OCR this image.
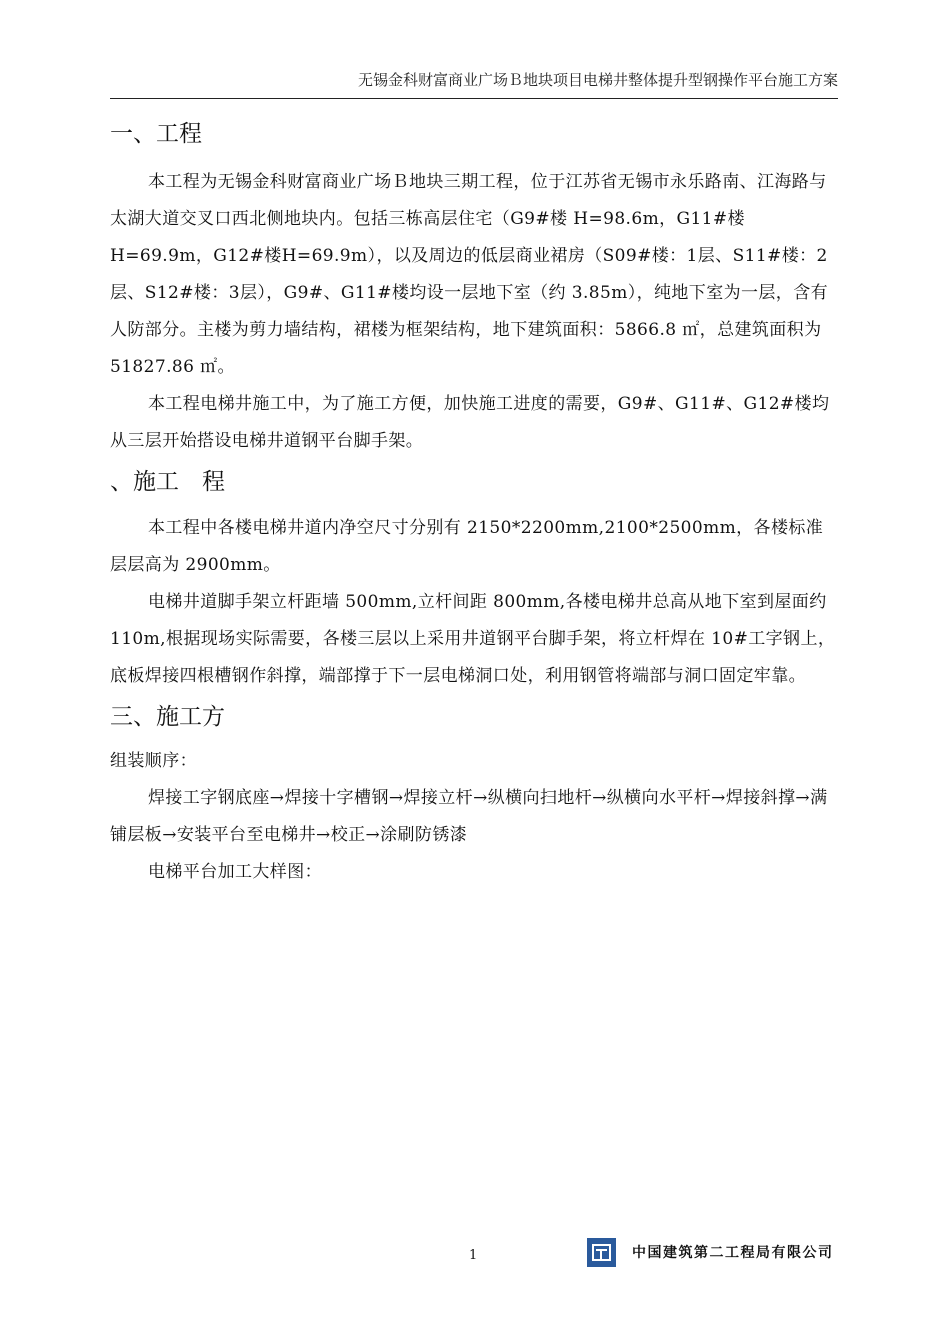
无锡金科财富商业广场Ｂ地块项目电梯井整体提升型钢操作平台施工方案
一、工程

本工程为无锡金科财富商业广场Ｂ地块三期工程，位于江苏省无锡市永乐路南、江海路与太湖大道交叉口西北侧地块内。包括三栋高层住宅（G9#楼 H=98.6m，G11#楼 H=69.9m，G12#楼H=69.9m），以及周边的低层商业裙房（S09#楼：1层、S11#楼：2层、S12#楼：3层），G9#、G11#楼均设一层地下室（约 3.85m），纯地下室为一层，含有人防部分。主楼为剪力墙结构，裙楼为框架结构，地下建筑面积：5866.8 ㎡，总建筑面积为 51827.86 ㎡。

本工程电梯井施工中，为了施工方便，加快施工进度的需要，G9#、G11#、G12#楼均从三层开始搭设电梯井道钢平台脚手架。

、施工　程

本工程中各楼电梯井道内净空尺寸分别有 2150*2200mm,2100*2500mm，各楼标准层层高为 2900mm。

电梯井道脚手架立杆距墙 500mm,立杆间距 800mm,各楼电梯井总高从地下室到屋面约 110m,根据现场实际需要，各楼三层以上采用井道钢平台脚手架，将立杆焊在 10#工字钢上，底板焊接四根槽钢作斜撑，端部撑于下一层电梯洞口处，利用钢管将端部与洞口固定牢靠。

三、施工方

组装顺序：

焊接工字钢底座→焊接十字槽钢→焊接立杆→纵横向扫地杆→纵横向水平杆→焊接斜撑→满铺层板→安装平台至电梯井→校正→涂刷防锈漆

电梯平台加工大样图：

1	中国建筑第二工程局有限公司
